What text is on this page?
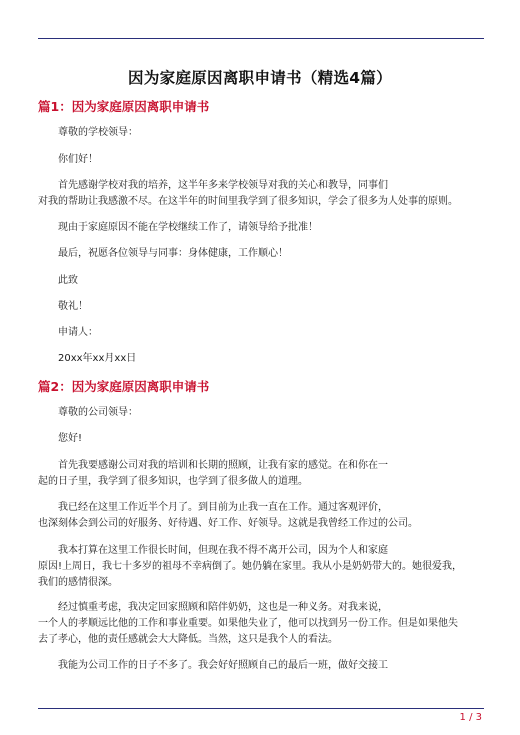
因为家庭原因离职申请书（精选4篇）
篇1：因为家庭原因离职申请书
尊敬的学校领导：
你们好！
首先感谢学校对我的培养，这半年多来学校领导对我的关心和教导，同事们
对我的帮助让我感激不尽。在这半年的时间里我学到了很多知识，学会了很多为人处事的原则。
现由于家庭原因不能在学校继续工作了，请领导给予批准！
最后，祝愿各位领导与同事：身体健康，工作顺心！
此致
敬礼！
申请人：
20xx年xx月xx日
篇2：因为家庭原因离职申请书
尊敬的公司领导：
您好!
首先我要感谢公司对我的培训和长期的照顾，让我有家的感觉。在和你在一
起的日子里，我学到了很多知识，也学到了很多做人的道理。
我已经在这里工作近半个月了。到目前为止我一直在工作。通过客观评价，
也深刻体会到公司的好服务、好待遇、好工作、好领导。这就是我曾经工作过的公司。
我本打算在这里工作很长时间，但现在我不得不离开公司，因为个人和家庭
原因!上周日，我七十多岁的祖母不幸病倒了。她仍躺在家里。我从小是奶奶带大的。她很爱我，
我们的感情很深。
经过慎重考虑，我决定回家照顾和陪伴奶奶，这也是一种义务。对我来说，
一个人的孝顺远比他的工作和事业重要。如果他失业了，他可以找到另一份工作。但是如果他失
去了孝心，他的责任感就会大大降低。当然，这只是我个人的看法。
我能为公司工作的日子不多了。我会好好照顾自己的最后一班，做好交接工
1 / 3
